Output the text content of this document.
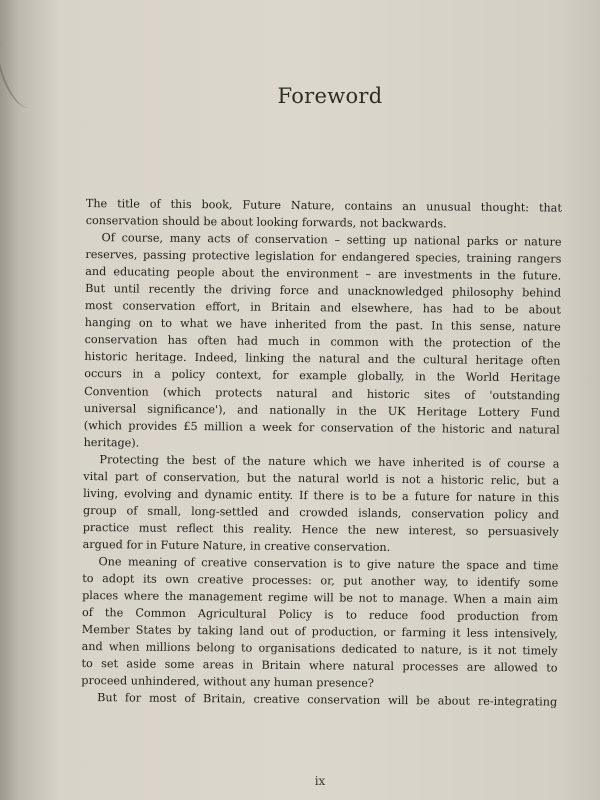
Foreword
The title of this book, Future Nature, contains an unusual thought: that
conservation should be about looking forwards, not backwards.
Of course, many acts of conservation – setting up national parks or nature
reserves, passing protective legislation for endangered species, training rangers
and educating people about the environment – are investments in the future.
But until recently the driving force and unacknowledged philosophy behind
most conservation effort, in Britain and elsewhere, has had to be about
hanging on to what we have inherited from the past. In this sense, nature
conservation has often had much in common with the protection of the
historic heritage. Indeed, linking the natural and the cultural heritage often
occurs in a policy context, for example globally, in the World Heritage
Convention (which protects natural and historic sites of 'outstanding
universal significance'), and nationally in the UK Heritage Lottery Fund
(which provides £5 million a week for conservation of the historic and natural
heritage).
Protecting the best of the nature which we have inherited is of course a
vital part of conservation, but the natural world is not a historic relic, but a
living, evolving and dynamic entity. If there is to be a future for nature in this
group of small, long-settled and crowded islands, conservation policy and
practice must reflect this reality. Hence the new interest, so persuasively
argued for in Future Nature, in creative conservation.
One meaning of creative conservation is to give nature the space and time
to adopt its own creative processes: or, put another way, to identify some
places where the management regime will be not to manage. When a main aim
of the Common Agricultural Policy is to reduce food production from
Member States by taking land out of production, or farming it less intensively,
and when millions belong to organisations dedicated to nature, is it not timely
to set aside some areas in Britain where natural processes are allowed to
proceed unhindered, without any human presence?
But for most of Britain, creative conservation will be about re-integrating
ix
